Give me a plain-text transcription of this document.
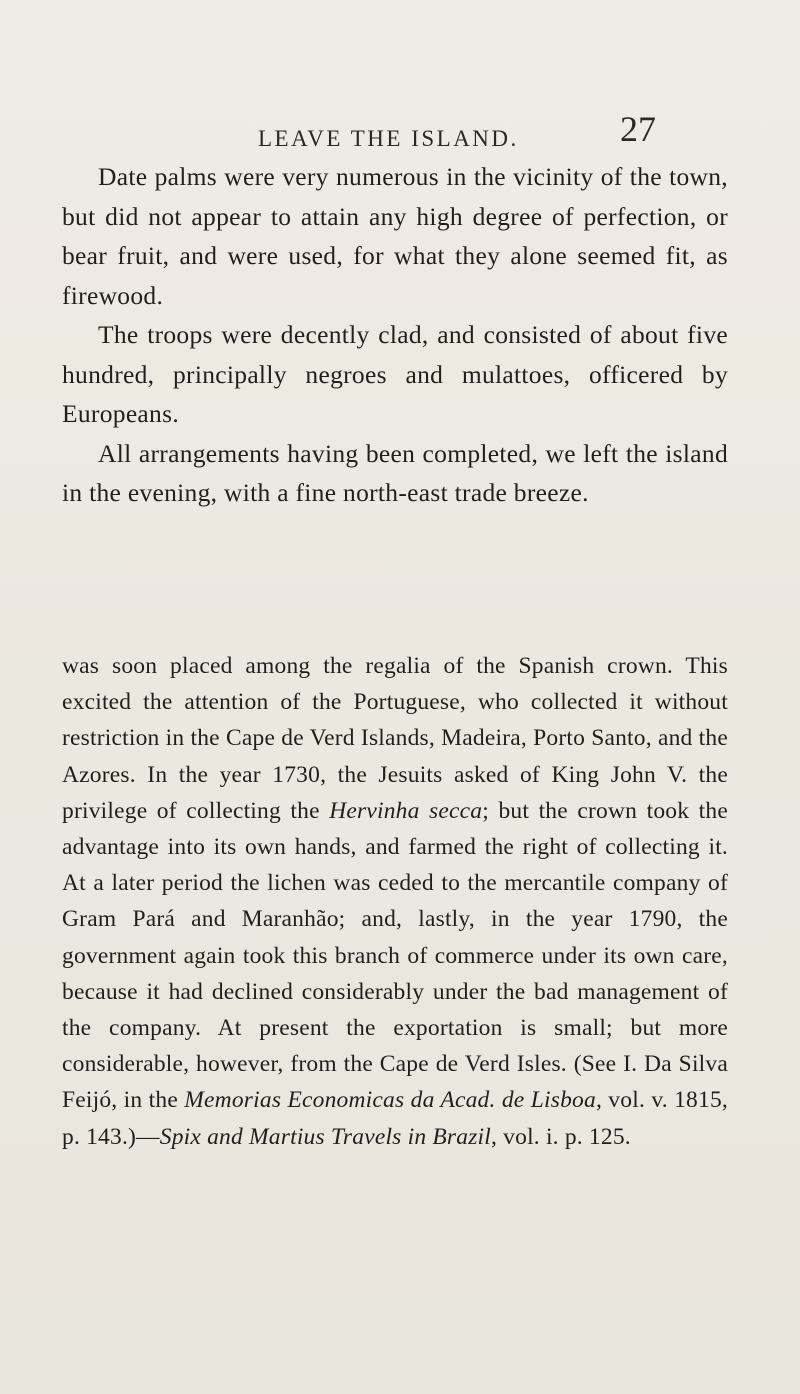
LEAVE THE ISLAND.	27

Date palms were very numerous in the vicinity of the town, but did not appear to attain any high degree of perfection, or bear fruit, and were used, for what they alone seemed fit, as firewood.

The troops were decently clad, and consisted of about five hundred, principally negroes and mulattoes, officered by Europeans.

All arrangements having been completed, we left the island in the evening, with a fine north-east trade breeze.

was soon placed among the regalia of the Spanish crown. This excited the attention of the Portuguese, who collected it without restriction in the Cape de Verd Islands, Madeira, Porto Santo, and the Azores. In the year 1730, the Jesuits asked of King John V. the privilege of collecting the Hervinha secca; but the crown took the advantage into its own hands, and farmed the right of collecting it. At a later period the lichen was ceded to the mercantile company of Gram Pará and Maranhão; and, lastly, in the year 1790, the government again took this branch of commerce under its own care, because it had declined considerably under the bad management of the company. At present the exportation is small; but more considerable, however, from the Cape de Verd Isles. (See I. Da Silva Feijó, in the Memorias Economicas da Acad. de Lisboa, vol. v. 1815, p. 143.)—Spix and Martius Travels in Brazil, vol. i. p. 125.
